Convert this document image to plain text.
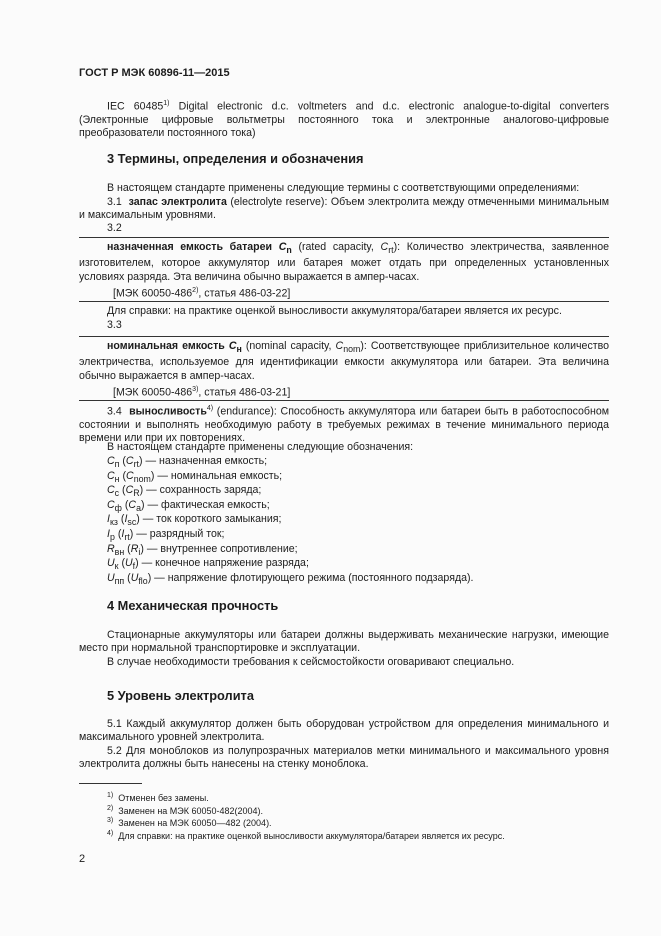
ГОСТ Р МЭК 60896-11—2015
IEC 60485$^{1)}$ Digital electronic d.c. voltmeters and d.c. electronic analogue-to-digital converters (Электронные цифровые вольтметры постоянного тока и электронные аналогово-цифровые преобразователи постоянного тока)
3 Термины, определения и обозначения
В настоящем стандарте применены следующие термины с соответствующими определениями:
3.1 запас электролита (electrolyte reserve): Объем электролита между отмеченными минимальным и максимальным уровнями.
3.2
назначенная емкость батареи $C_n$ (rated capacity, $C_{rt}$): Количество электричества, заявленное изготовителем, которое аккумулятор или батарея может отдать при определенных установленных условиях разряда. Эта величина обычно выражается в ампер-часах.
[МЭК 60050-486$^{2)}$, статья 486-03-22]
Для справки: на практике оценкой выносливости аккумулятора/батареи является их ресурс.
3.3
номинальная емкость $C_н$ (nominal capacity, $C_{nom}$): Соответствующее приблизительное количество электричества, используемое для идентификации емкости аккумулятора или батареи. Эта величина обычно выражается в ампер-часах.
[МЭК 60050-486$^{3)}$, статья 486-03-21]
3.4 выносливость$^{4)}$ (endurance): Способность аккумулятора или батареи быть в работоспособном состоянии и выполнять необходимую работу в требуемых режимах в течение минимального периода времени или при их повторениях.
В настоящем стандарте применены следующие обозначения:
$C_п$ $(C_{rt})$ — назначенная емкость;
$C_н$ $(C_{nom})$ — номинальная емкость;
$C_c$ $(C_R)$ — сохранность заряда;
$C_ф$ $(C_a)$ — фактическая емкость;
$I_{кз}$ $(I_{sc})$ — ток короткого замыкания;
$I_p$ $(I_{rt})$ — разрядный ток;
$R_{вн}$ $(R_i)$ — внутреннее сопротивление;
$U_к$ $(U_f)$ — конечное напряжение разряда;
$U_{пп}$ $(U_{flo})$ — напряжение флотирующего режима (постоянного подзаряда).
4 Механическая прочность
Стационарные аккумуляторы или батареи должны выдерживать механические нагрузки, имеющие место при нормальной транспортировке и эксплуатации.
В случае необходимости требования к сейсмостойкости оговаривают специально.
5 Уровень электролита
5.1 Каждый аккумулятор должен быть оборудован устройством для определения минимального и максимального уровней электролита.
5.2 Для моноблоков из полупрозрачных материалов метки минимального и максимального уровня электролита должны быть нанесены на стенку моноблока.
$^{1)}$  Отменен без замены.
$^{2)}$  Заменен на МЭК 60050-482(2004).
$^{3)}$  Заменен на МЭК 60050—482 (2004).
$^{4)}$  Для справки: на практике оценкой выносливости аккумулятора/батареи является их ресурс.
2
